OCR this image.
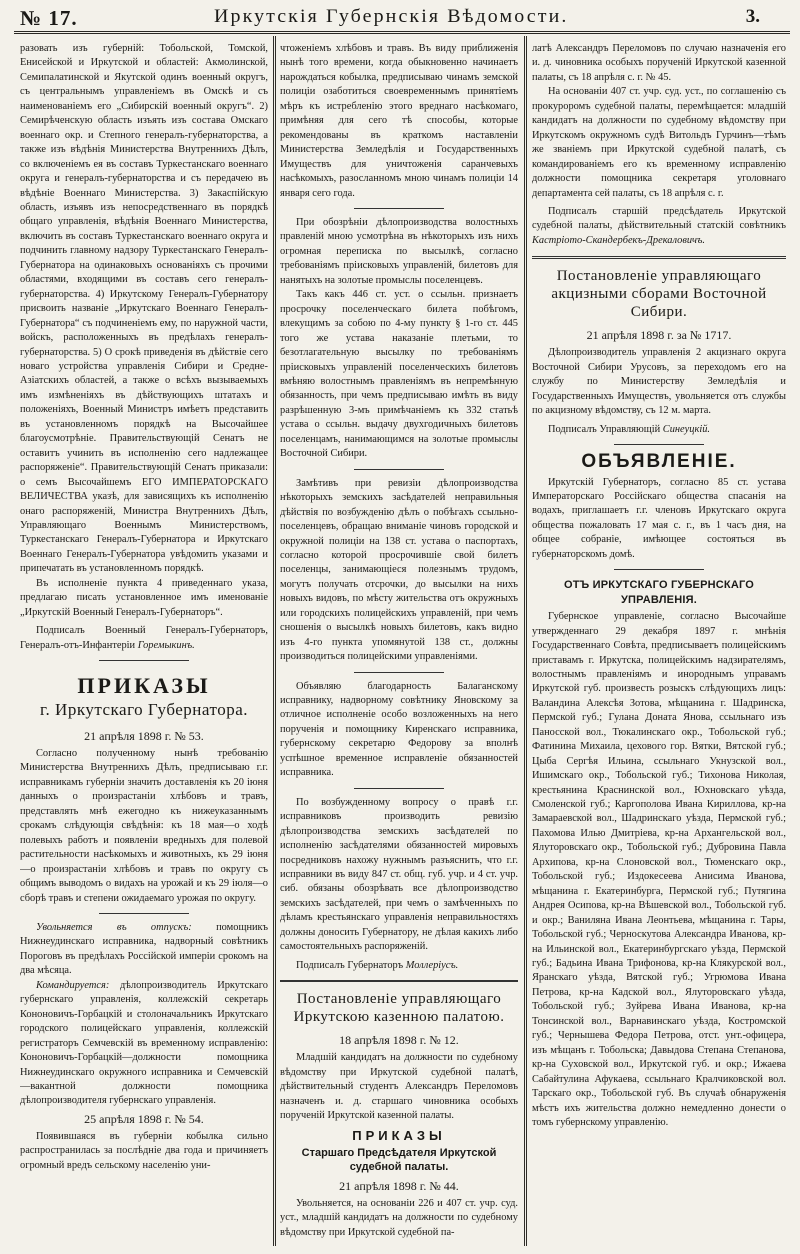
№ 17.	Иркутскiя Губернскiя Вѣдомости.	3.

разовать изъ губернiй: Тобольской, Томской, Енисейской и Иркутской и областей: Акмолинской, Семипалатинской и Якутской одинъ военный округъ, съ центральнымъ управленiемъ въ Омскѣ и съ наименованiемъ его „Сибирскiй военный округъ“. 2) Семирѣченскую область изъять изъ состава Омскаго военнаго окр. и Степного генералъ-губернаторства, а также изъ вѣдѣнiя Министерства Внутреннихъ Дѣлъ, со включенiемъ ея въ составъ Туркестанскаго военнаго округа и генералъ-губернаторства и съ передачею въ вѣдѣнiе Военнаго Министерства. 3) Закаспiйскую область, изъявъ изъ непосредственнаго въ порядкѣ общаго управленiя, вѣдѣнiя Военнаго Министерства, включить въ составъ Туркестанскаго военнаго округа и подчинить главному надзору Туркестанскаго Генералъ-Губернатора на одинаковыхъ основанiяхъ съ прочими областями, входящими въ составъ сего генералъ-губернаторства. 4) Иркутскому Генералъ-Губернатору присвоить названiе „Иркутскаго Военнаго Генералъ-Губернатора“ съ подчиненiемъ ему, по наружной части, войскъ, расположенныхъ въ предѣлахъ генералъ-губернаторства. 5) О срокѣ приведенiя въ дѣйствiе сего новаго устройства управленiя Сибири и Средне-Азiатскихъ областей, а также о всѣхъ вызываемыхъ имъ измѣненiяхъ въ дѣйствующихъ штатахъ и положенiяхъ, Военный Министръ имѣетъ представить въ установленномъ порядкѣ на Высочайшее благоусмотрѣнiе. Правительствующiй Сенатъ не оставитъ учинить въ исполненiю сего надлежащее распоряженiе“. Правительствующiй Сенатъ приказали: о семъ Высочайшемъ ЕГО ИМПЕРАТОРСКАГО ВЕЛИЧЕСТВА указѣ, для зависящихъ къ исполненiю онаго распоряженiй, Министра Внутреннихъ Дѣлъ, Управляющаго Военнымъ Министерствомъ, Туркестанскаго Генералъ-Губернатора и Иркутскаго Военнаго Генералъ-Губернатора увѣдомить указами и припечатать въ установленномъ порядкѣ.

Въ исполненiе пункта 4 приведеннаго указа, предлагаю писать установленное имъ именованiе „Иркутскiй Военный Генералъ-Губернаторъ“.

Подписалъ Военный Генералъ-Губернаторъ, Генералъ-отъ-Инфантерiи Горемыкинъ.

ПРИКАЗЫ
г. Иркутскаго Губернатора.
21 апрѣля 1898 г. № 53.

Согласно полученному нынѣ требованiю Министерства Внутреннихъ Дѣлъ, предписываю г.г. исправникамъ губернiи значить доставленiя къ 20 iюня данныхъ о произрастанiи хлѣбовъ и травъ, представлять мнѣ ежегодно къ нижеуказаннымъ срокамъ слѣдующiя свѣдѣнiя: къ 18 мая—о ходѣ полевыхъ работъ и появленiи вредныхъ для полевой растительности насѣкомыхъ и животныхъ, къ 29 iюня—о произрастанiи хлѣбовъ и травъ по округу съ общимъ выводомъ о видахъ на урожай и къ 29 iюля—о сборѣ травъ и степени ожидаемаго урожая по округу.

Увольняется въ отпускъ: помощникъ Нижнеудинскаго исправника, надворный совѣтникъ Пороговъ въ предѣлахъ Россiйской имперiи срокомъ на два мѣсяца.

Командируется: дѣлопроизводитель Иркутскаго губернскаго управленiя, коллежскiй секретарь Кононовичъ-Горбацкiй и столоначальникъ Иркутскаго городского полицейскаго управленiя, коллежскiй регистраторъ Семчевскiй въ временному исправленiю: Кононовичъ-Горбацкiй—должности помощника Нижнеудинскаго окружного исправника и Семчевскiй—вакантной должности помощника дѣлопроизводителя губернскаго управленiя.

25 апрѣля 1898 г. № 54.

Появившаяся въ губернiи кобылка сильно распространилась за послѣднiе два года и причиняетъ огромный вредъ сельскому населенiю уни-

чтоженiемъ хлѣбовъ и травъ. Въ виду приближенiя нынѣ того времени, когда обыкновенно начинаетъ нарождаться кобылка, предписываю чинамъ земской полицiи озаботиться своевременнымъ принятiемъ мѣръ къ истребленiю этого вреднаго насѣкомаго, примѣняя для сего тѣ способы, которые рекомендованы въ краткомъ наставленiи Министерства Земледѣлiя и Государственныхъ Имуществъ для уничтоженiя саранчевыхъ насѣкомыхъ, разосланномъ мною чинамъ полицiи 14 января сего года.

При обозрѣнiи дѣлопроизводства волостныхъ правленiй мною усмотрѣна въ нѣкоторыхъ изъ нихъ огромная переписка по высылкѣ, согласно требованiямъ прiисковыхъ управленiй, билетовъ для нанятыхъ на золотые промыслы поселенцевъ.

Такъ какъ 446 ст. уст. о ссыльн. признаетъ просрочку поселенческаго билета побѣгомъ, влекущимъ за собою по 4-му пункту § 1-го ст. 445 того же устава наказанiе плетьми, то безотлагательную высылку по требованiямъ прiисковыхъ управленiй поселенческихъ билетовъ вмѣняю волостнымъ правленiямъ въ непремѣнную обязанность, при чемъ предписываю имѣть въ виду разрѣшенную 3-мъ примѣчанiемъ къ 332 статьѣ устава о ссыльн. выдачу двухгодичныхъ билетовъ поселенцамъ, нанимающимся на золотые промыслы Восточной Сибири.

Замѣтивъ при ревизiи дѣлопроизводства нѣкоторыхъ земскихъ засѣдателей неправильныя дѣйствiя по возбужденiю дѣлъ о побѣгахъ ссыльно-поселенцевъ, обращаю вниманiе чиновъ городской и окружной полицiи на 138 ст. устава о паспортахъ, согласно которой просрочившiе свой билетъ поселенцы, занимающiеся полезнымъ трудомъ, могутъ получать отсрочки, до высылки на нихъ новыхъ видовъ, по мѣсту жительства отъ окружныхъ или городскихъ полицейскихъ управленiй, при чемъ сношенiя о высылкѣ новыхъ билетовъ, какъ видно изъ 4-го пункта упомянутой 138 ст., должны производиться полицейскими управленiями.

Объявляю благодарность Балаганскому исправнику, надворному совѣтнику Яновскому за отличное исполненiе особо возложенныхъ на него порученiя и помощнику Киренскаго исправника, губернскому секретарю Федорову за вполнѣ успѣшное временное исправленiе обязанностей исправника.

По возбужденному вопросу о правѣ г.г. исправниковъ производить ревизiю дѣлопроизводства земскихъ засѣдателей по исполненiю засѣдателями обязанностей мировыхъ посредниковъ нахожу нужнымъ разъяснить, что г.г. исправники въ виду 847 ст. общ. губ. учр. и 4 ст. учр. сиб. обязаны обозрѣвать все дѣлопроизводство земскихъ засѣдателей, при чемъ о замѣченныхъ по дѣламъ крестьянскаго управленiя неправильностяхъ должны доносить Губернатору, не дѣлая какихъ либо самостоятельныхъ распоряженiй.

Подписалъ Губернаторъ Моллерiусъ.

Постановленiе управляющаго Иркутскою казенною палатою.
18 апрѣля 1898 г. № 12.

Младшiй кандидатъ на должности по судебному вѣдомству при Иркутской судебной палатѣ, дѣйствительный студентъ Александръ Переломовъ назначенъ и. д. старшаго чиновника особыхъ порученiй Иркутской казенной палаты.

ПРИКАЗЫ
Старшаго Предсѣдателя Иркутской судебной палаты.
21 апрѣля 1898 г. № 44.

Увольняется, на основанiи 226 и 407 ст. учр. суд. уст., младшiй кандидатъ на должности по судебному вѣдомству при Иркутской судебной па-

латѣ Александръ Переломовъ по случаю назначенiя его и. д. чиновника особыхъ порученiй Иркутской казенной палаты, съ 18 апрѣля с. г. № 45.

На основанiи 407 ст. учр. суд. уст., по соглашенiю съ прокуроромъ судебной палаты, перемѣщается: младшiй кандидатъ на должности по судебному вѣдомству при Иркутскомъ окружномъ судѣ Витольдъ Гурчинъ—тѣмъ же званiемъ при Иркутской судебной палатѣ, съ командированiемъ его къ временному исправленiю должности помощника секретаря уголовнаго департамента сей палаты, съ 18 апрѣля с. г.

Подписалъ старшiй предсѣдатель Иркутской судебной палаты, дѣйствительный статскiй совѣтникъ Кастрiото-Скандербекъ-Дрекаловичъ.

Постановленiе управляющаго акцизными сборами Восточной Сибири.
21 апрѣля 1898 г. за № 1717.

Дѣлопроизводитель управленiя 2 акцизнаго округа Восточной Сибири Урусовъ, за переходомъ его на службу по Министерству Земледѣлiя и Государственныхъ Имуществъ, увольняется отъ службы по акцизному вѣдомству, съ 12 м. марта.

Подписалъ Управляющiй Синеуцкiй.

ОБЪЯВЛЕНIЕ.

Иркутскiй Губернаторъ, согласно 85 ст. устава Императорскаго Россiйскаго общества спасанiя на водахъ, приглашаетъ г.г. членовъ Иркутскаго округа общества пожаловать 17 мая с. г., въ 1 часъ дня, на общее собранiе, имѣющее состояться въ губернаторскомъ домѣ.

ОТЪ ИРКУТСКАГО ГУБЕРНСКАГО УПРАВЛЕНIЯ.

Губернское управленiе, согласно Высочайше утвержденнаго 29 декабря 1897 г. мнѣнiя Государственнаго Совѣта, предписываетъ полицейскимъ приставамъ г. Иркутска, полицейскимъ надзирателямъ, волостнымъ правленiямъ и инороднымъ управамъ Иркутской губ. произвесть розыскъ слѣдующихъ лицъ: Валандина Алексѣя Зотова, мѣщанина г. Шадринска, Пермской губ.; Гулана Доната Янова, ссыльнаго изъ Паносской вол., Тюкалинскаго окр., Тобольской губ.; Фатинина Михаила, цехового гор. Вятки, Вятской губ.; Цыба Сергѣя Ильина, ссыльнаго Укнузской вол., Ишимскаго окр., Тобольской губ.; Тихонова Николая, крестьянина Краснинской вол., Юхновскаго уѣзда, Смоленской губ.; Каргополова Ивана Кириллова, кр-на Замараевской вол., Шадринскаго уѣзда, Пермской губ.; Пахомова Илью Дмитрiева, кр-на Архангельской вол., Ялуторовскаго окр., Тобольской губ.; Дубровина Павла Архипова, кр-на Слоновской вол., Тюменскаго окр., Тобольской губ.; Издокесеева Анисима Иванова, мѣщанина г. Екатеринбурга, Пермской губ.; Путягина Андрея Осипова, кр-на Вѣшевской вол., Тобольской губ. и окр.; Ваниляна Ивана Леонтьева, мѣщанина г. Тары, Тобольской губ.; Черноскутова Александра Иванова, кр-на Ильинской вол., Екатеринбургскаго уѣзда, Пермской губ.; Бадьина Ивана Трифонова, кр-на Клякурской вол., Яранскаго уѣзда, Вятской губ.; Угрюмова Ивана Петрова, кр-на Кадской вол., Ялуторовскаго уѣзда, Тобольской губ.; Зуйрева Ивана Иванова, кр-на Тонсинской вол., Варнавинскаго уѣзда, Костромской губ.; Чернышева Федора Петрова, отст. унт.-офицера, изъ мѣщанъ г. Тобольска; Давыдова Степана Степанова, кр-на Суховской вол., Иркутской губ. и окр.; Ижаева Сабайтулина Афукаева, ссыльнаго Кралчиковской вол. Тарскаго окр., Тобольской губ. Въ случаѣ обнаруженiя мѣстъ ихъ жительства должно немедленно донести о томъ губернскому управленiю.
